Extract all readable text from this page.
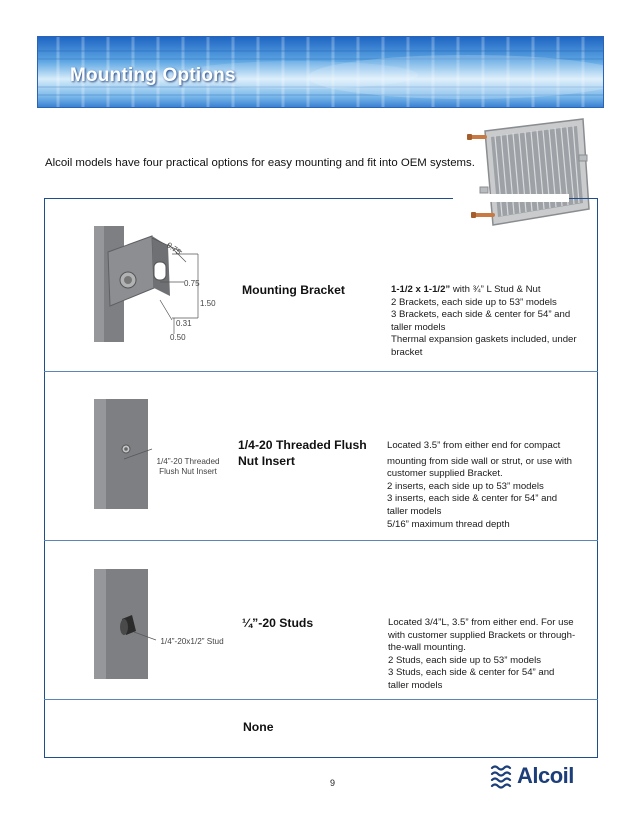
Mounting Options
Alcoil models have four practical options for easy mounting and fit into OEM systems.
0.75
0.75
1.50
0.31
0.50
Mounting Bracket	1-1/2 x 1-1/2” with ¾” L Stud & Nut
2 Brackets, each side up to 53” models
3 Brackets, each side & center for 54” and
taller models
Thermal expansion gaskets included, under
bracket
1/4”-20 Threaded
Flush Nut Insert
1/4-20 Threaded Flush
Nut Insert
Located 3.5” from either end for compact
mounting from side wall or strut, or use with
customer supplied Bracket.
2 inserts, each side up to 53” models
3 inserts, each side & center for 54” and
taller models
5/16” maximum thread depth
1/4”-20x1/2” Stud
¼”-20 Studs	Located 3/4”L, 3.5” from either end. For use
with customer supplied Brackets or through-
the-wall mounting.
2 Studs, each side up to 53” models
3 Studs, each side & center for 54” and
taller models
None
9	Alcoil
